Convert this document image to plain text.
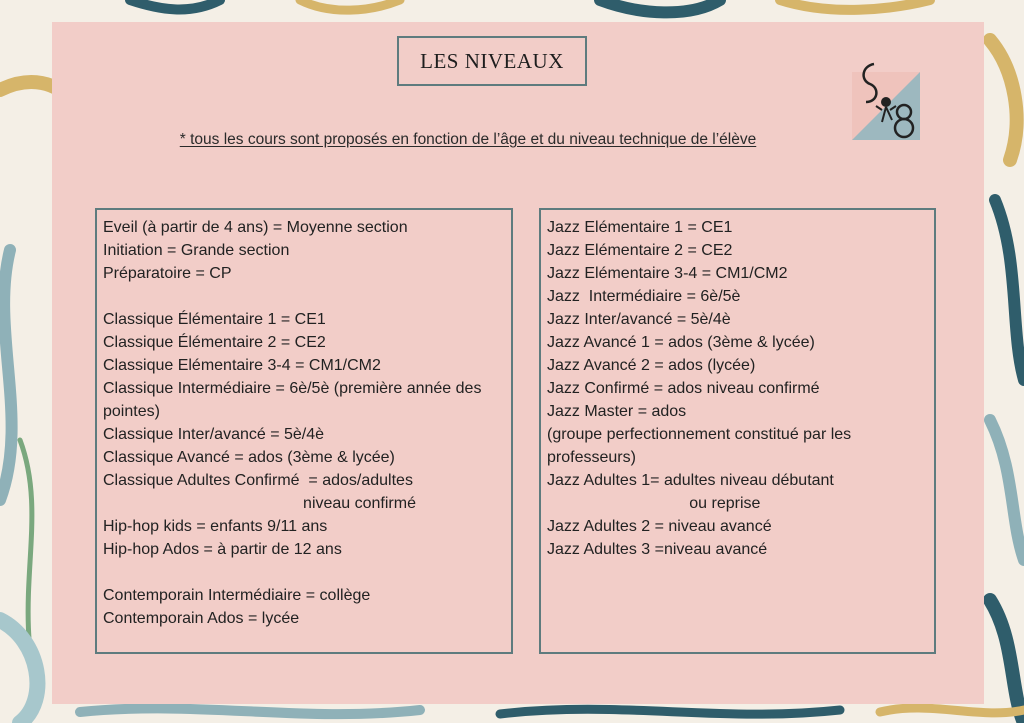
LES NIVEAUX
* tous les cours sont proposés en fonction de l’âge et du niveau technique de l’élève
Eveil (à partir de 4 ans) = Moyenne section
Initiation = Grande section
Préparatoire = CP
Classique Élémentaire 1 = CE1
Classique Élémentaire 2 = CE2
Classique Elémentaire 3-4 = CM1/CM2
Classique Intermédiaire = 6è/5è (première année des pointes)
Classique Inter/avancé = 5è/4è
Classique Avancé = ados (3ème & lycée)
Classique Adultes Confirmé  = ados/adultes
niveau confirmé
Hip-hop kids = enfants 9/11 ans
Hip-hop Ados = à partir de 12 ans
Contemporain Intermédiaire = collège
Contemporain Ados = lycée
Jazz Elémentaire 1 = CE1
Jazz Elémentaire 2 = CE2
Jazz Elémentaire 3-4 = CM1/CM2
Jazz  Intermédiaire = 6è/5è
Jazz Inter/avancé = 5è/4è
Jazz Avancé 1 = ados (3ème & lycée)
Jazz Avancé 2 = ados (lycée)
Jazz Confirmé = ados niveau confirmé
Jazz Master = ados
(groupe perfectionnement constitué par les professeurs)
Jazz Adultes 1= adultes niveau débutant
ou reprise
Jazz Adultes 2 = niveau avancé
Jazz Adultes 3 =niveau avancé
